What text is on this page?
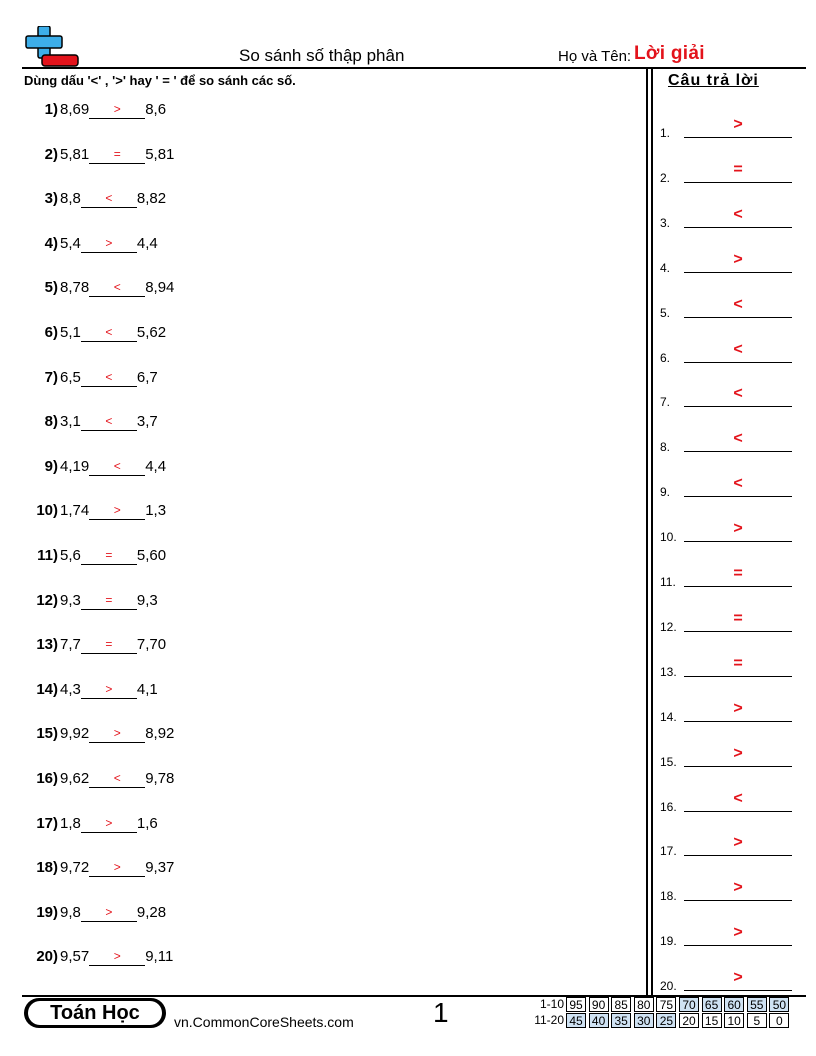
So sánh số thập phân	Họ và Tên: Lời giải
Dùng dấu '<' , '>' hay ' = ' để so sánh các số.	Câu trả lời
1) 8,69 > 8,6
2) 5,81 = 5,81
3) 8,8 < 8,82
4) 5,4 > 4,4
5) 8,78 < 8,94
6) 5,1 < 5,62
7) 6,5 < 6,7
8) 3,1 < 3,7
9) 4,19 < 4,4
10) 1,74 > 1,3
11) 5,6 = 5,60
12) 9,3 = 9,3
13) 7,7 = 7,70
14) 4,3 > 4,1
15) 9,92 > 8,92
16) 9,62 < 9,78
17) 1,8 > 1,6
18) 9,72 > 9,37
19) 9,8 > 9,28
20) 9,57 > 9,11
1.	>
2.	=
3.	<
4.	>
5.	<
6.	<
7.	<
8.	<
9.	<
10.	>
11.	=
12.	=
13.	=
14.	>
15.	>
16.	<
17.	>
18.	>
19.	>
20.	>
Toán Học	vn.CommonCoreSheets.com	1	1-10 95 90 85 80 75 70 65 60 55 50
11-20 45 40 35 30 25 20 15 10	5	0
